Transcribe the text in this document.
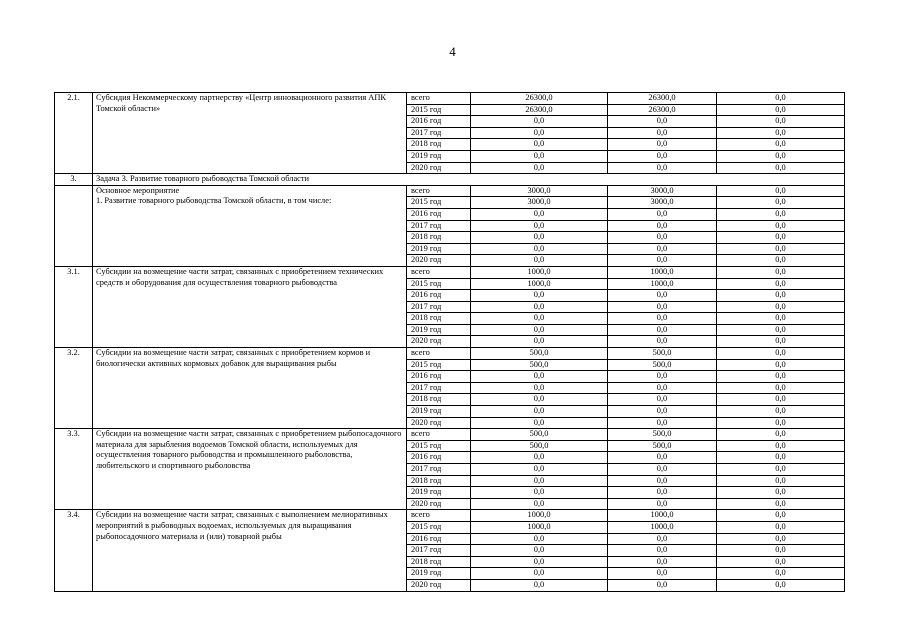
4
2.1.	Субсидия Некоммерческому партнерству «Центр инновационного развития АПК Томской области»	всего	26300,0	26300,0	0,0
		2015 год	26300,0	26300,0	0,0
		2016 год	0,0	0,0	0,0
		2017 год	0,0	0,0	0,0
		2018 год	0,0	0,0	0,0
		2019 год	0,0	0,0	0,0
		2020 год	0,0	0,0	0,0
3.	Задача 3. Развитие товарного рыбоводства Томской области				
	Основное мероприятие
1. Развитие товарного рыбоводства Томской области, в том числе:	всего	3000,0	3000,0	0,0
		2015 год	3000,0	3000,0	0,0
		2016 год	0,0	0,0	0,0
		2017 год	0,0	0,0	0,0
		2018 год	0,0	0,0	0,0
		2019 год	0,0	0,0	0,0
		2020 год	0,0	0,0	0,0
3.1.	Субсидии на возмещение части затрат, связанных с приобретением технических средств и оборудования для осуществления товарного рыбоводства	всего	1000,0	1000,0	0,0
		2015 год	1000,0	1000,0	0,0
		2016 год	0,0	0,0	0,0
		2017 год	0,0	0,0	0,0
		2018 год	0,0	0,0	0,0
		2019 год	0,0	0,0	0,0
		2020 год	0,0	0,0	0,0
3.2.	Субсидии на возмещение части затрат, связанных с приобретением кормов и биологически активных кормовых добавок для выращивания рыбы	всего	500,0	500,0	0,0
		2015 год	500,0	500,0	0,0
		2016 год	0,0	0,0	0,0
		2017 год	0,0	0,0	0,0
		2018 год	0,0	0,0	0,0
		2019 год	0,0	0,0	0,0
		2020 год	0,0	0,0	0,0
3.3.	Субсидии на возмещение части затрат, связанных с приобретением рыбопосадочного материала для зарыбления водоемов Томской области, используемых для осуществления товарного рыбоводства и промышленного рыболовства, любительского и спортивного рыболовства	всего	500,0	500,0	0,0
		2015 год	500,0	500,0	0,0
		2016 год	0,0	0,0	0,0
		2017 год	0,0	0,0	0,0
		2018 год	0,0	0,0	0,0
		2019 год	0,0	0,0	0,0
		2020 год	0,0	0,0	0,0
3.4.	Субсидии на возмещение части затрат, связанных с выполнением мелиоративных мероприятий в рыбоводных водоемах, используемых для выращивания рыбопосадочного материала и (или) товарной рыбы	всего	1000,0	1000,0	0,0
		2015 год	1000,0	1000,0	0,0
		2016 год	0,0	0,0	0,0
		2017 год	0,0	0,0	0,0
		2018 год	0,0	0,0	0,0
		2019 год	0,0	0,0	0,0
		2020 год	0,0	0,0	0,0
